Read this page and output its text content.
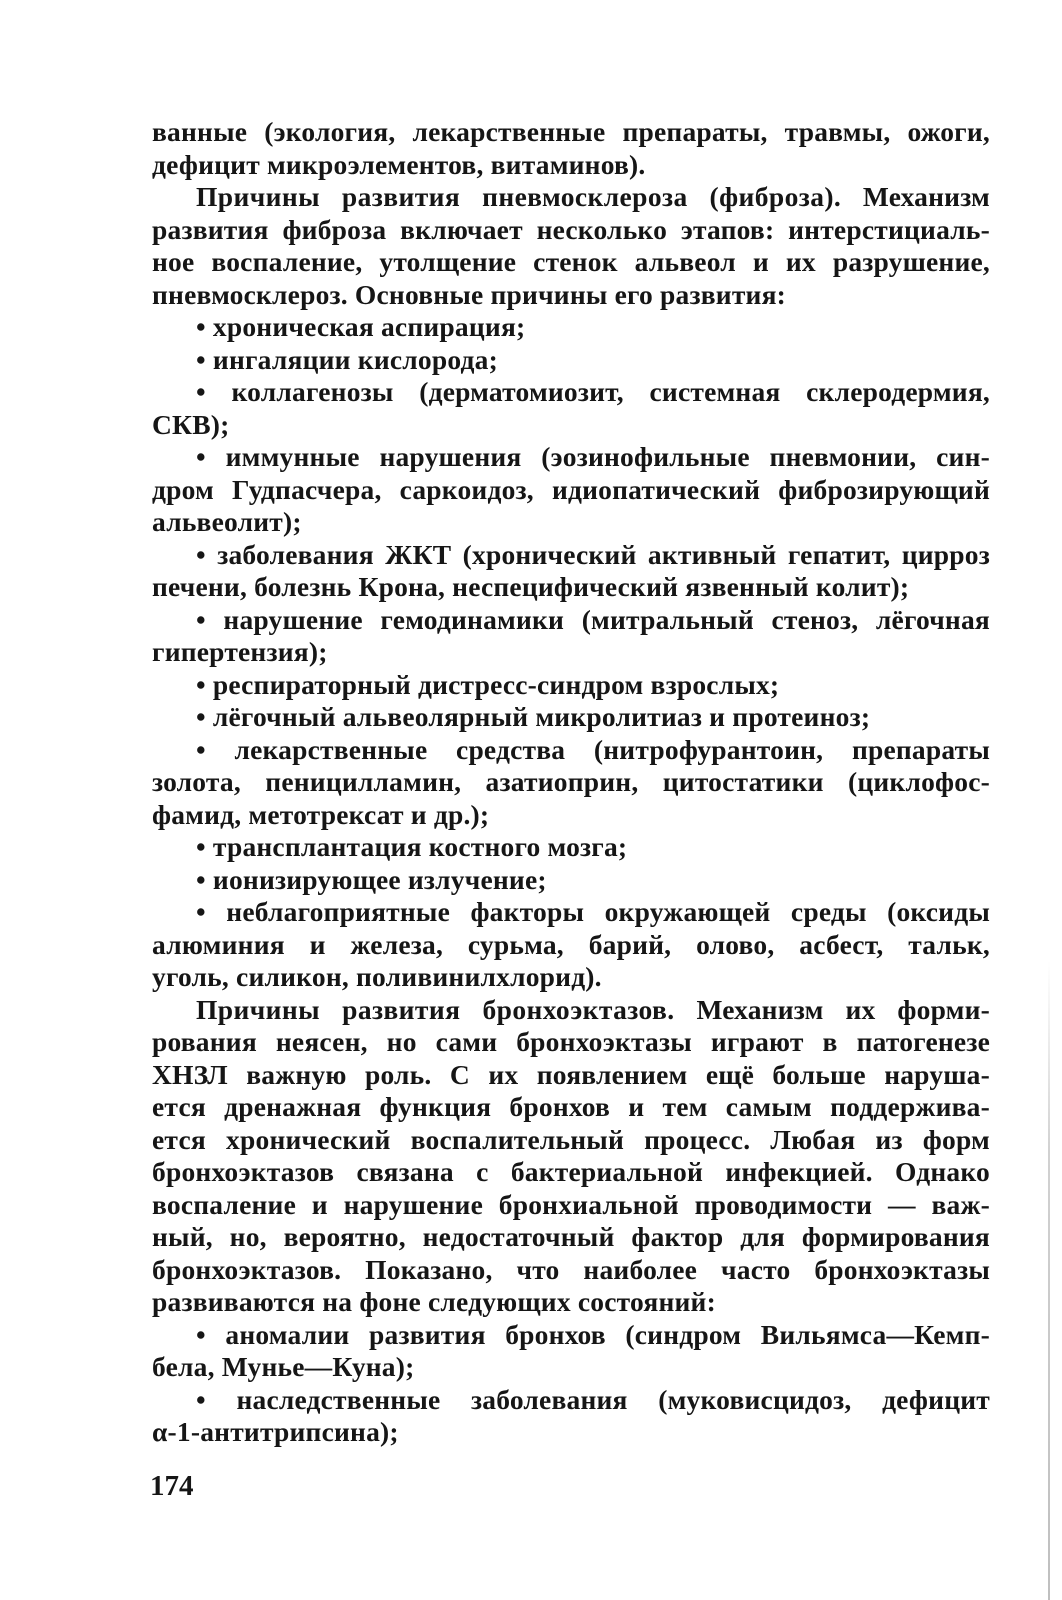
ванные (экология, лекарственные препараты, травмы, ожоги,
дефицит микроэлементов, витаминов).
Причины развития пневмосклероза (фиброза). Механизм
развития фиброза включает несколько этапов: интерстициаль-
ное воспаление, утолщение стенок альвеол и их разрушение,
пневмосклероз. Основные причины его развития:
• хроническая аспирация;
• ингаляции кислорода;
• коллагенозы (дерматомиозит, системная склеродермия,
СКВ);
• иммунные нарушения (эозинофильные пневмонии, син-
дром Гудпасчера, саркоидоз, идиопатический фиброзирующий
альвеолит);
• заболевания ЖКТ (хронический активный гепатит, цирроз
печени, болезнь Крона, неспецифический язвенный колит);
• нарушение гемодинамики (митральный стеноз, лёгочная
гипертензия);
• респираторный дистресс-синдром взрослых;
• лёгочный альвеолярный микролитиаз и протеиноз;
• лекарственные средства (нитрофурантоин, препараты
золота, пеницилламин, азатиоприн, цитостатики (циклофос-
фамид, метотрексат и др.);
• трансплантация костного мозга;
• ионизирующее излучение;
• неблагоприятные факторы окружающей среды (оксиды
алюминия и железа, сурьма, барий, олово, асбест, тальк,
уголь, силикон, поливинилхлорид).
Причины развития бронхоэктазов. Механизм их форми-
рования неясен, но сами бронхоэктазы играют в патогенезе
ХНЗЛ важную роль. С их появлением ещё больше наруша-
ется дренажная функция бронхов и тем самым поддержива-
ется хронический воспалительный процесс. Любая из форм
бронхоэктазов связана с бактериальной инфекцией. Однако
воспаление и нарушение бронхиальной проводимости — важ-
ный, но, вероятно, недостаточный фактор для формирования
бронхоэктазов. Показано, что наиболее часто бронхоэктазы
развиваются на фоне следующих состояний:
• аномалии развития бронхов (синдром Вильямса—Кемп-
бела, Мунье—Куна);
• наследственные заболевания (муковисцидоз, дефицит
α-1-антитрипсина);
174
